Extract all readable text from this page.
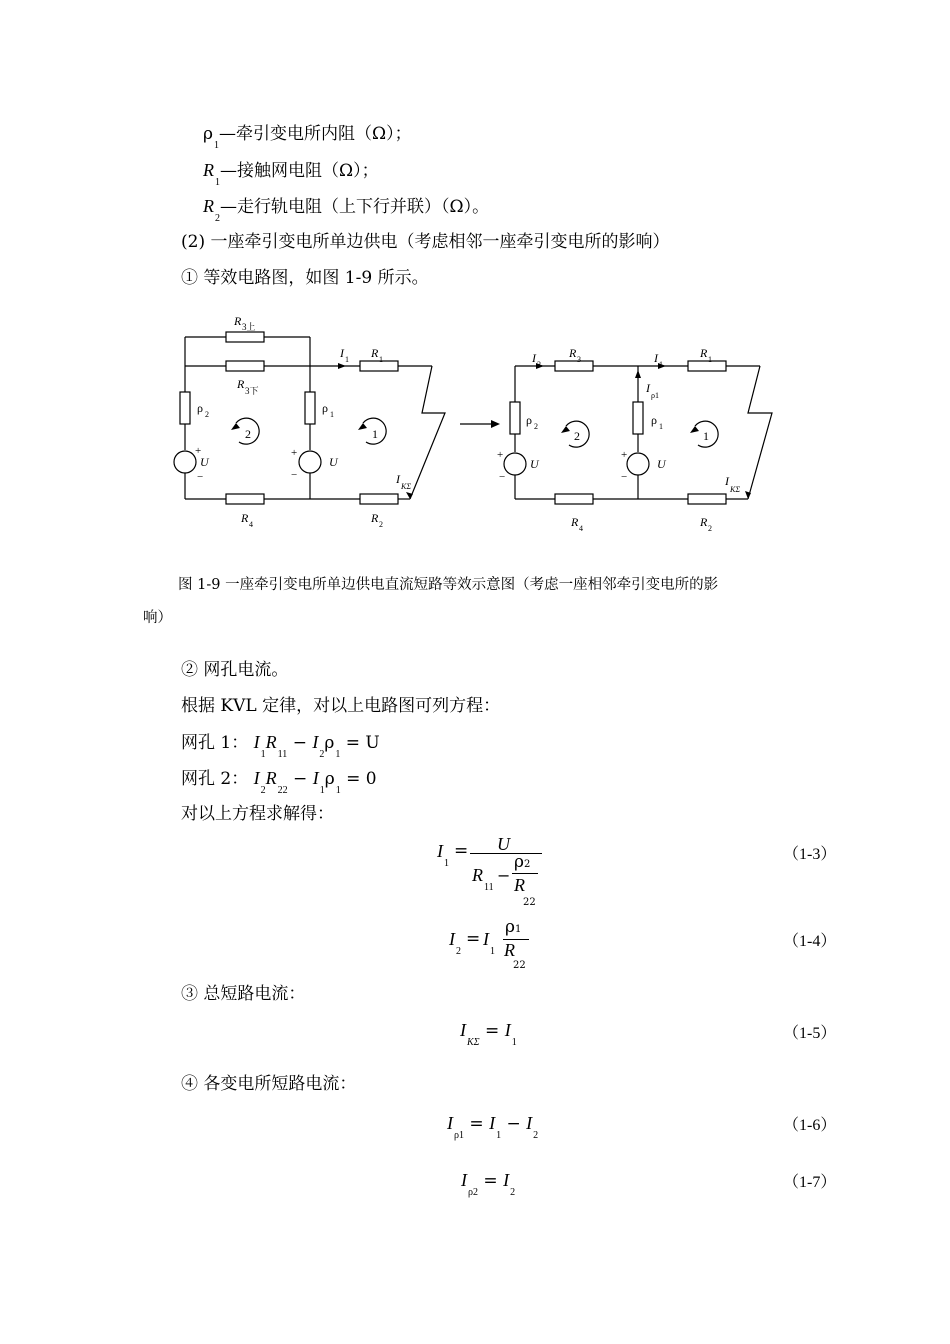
$\rho_1—$牵引变电所内阻（Ω）；
$R_1—$接触网电阻（Ω）；
$R_2—$走行轨电阻（上下行并联）（Ω）。
(2) 一座牵引变电所单边供电（考虑相邻一座牵引变电所的影响）
① 等效电路图，如图 1-9 所示。
R 3上
R 3下
I 1 R 1
ρ 2	ρ 1
2	1
+
−
U
+
−
U
I
KΣ
R 4	R 2
I 2
R 3	I 1
R 1
I
ρ1
ρ 2	ρ 1
2	1
+
−
U
+
−
U
I
KΣ
R 4	R 2
图 1-9 一座牵引变电所单边供电直流短路等效示意图（考虑一座相邻牵引变电所的影
响）
② 网孔电流。
根据 KVL 定律，对以上电路图可列方程：
网孔 1： $I_1R_{11} - I_2\rho_1 = U$
网孔 2： $I_2R_{22} - I_1\rho_1 = 0$
对以上方程求解得：
$I_1$
= U
$R_{11}$
−
ρ2
R
22
（1-3）
$I_2$
= $I_1$
ρ1
R
22
（1-4）
③ 总短路电流：
$I_{K\Sigma} = I_1$
（1-5）
④ 各变电所短路电流：
$I_{\rho 1} = I_1 - I_2$
（1-6）
$I_{\rho 2} = I_2$
（1-7）
